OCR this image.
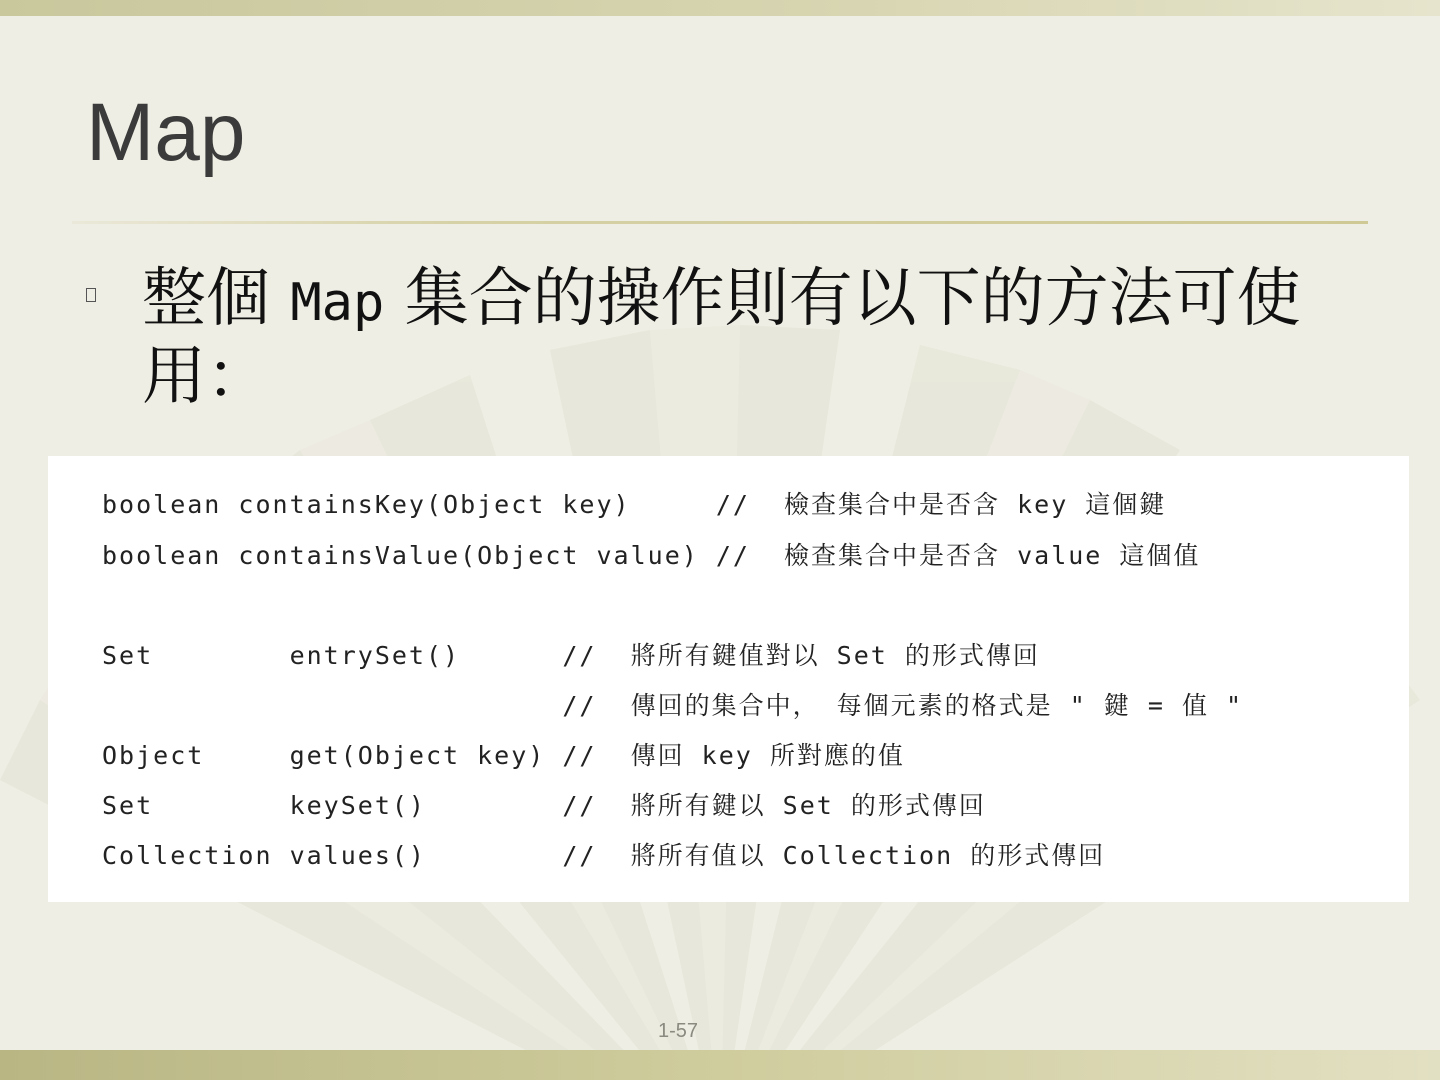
Map
整個 Map 集合的操作則有以下的方法可使用：
boolean containsKey(Object key)     //  檢查集合中是否含 key 這個鍵
boolean containsValue(Object value) //  檢查集合中是否含 value 這個值
Set        entrySet()      //  將所有鍵值對以 Set 的形式傳回
//  傳回的集合中， 每個元素的格式是 " 鍵 = 值 "
Object     get(Object key) //  傳回 key 所對應的值
Set        keySet()        //  將所有鍵以 Set 的形式傳回
Collection values()        //  將所有值以 Collection 的形式傳回
1-57
